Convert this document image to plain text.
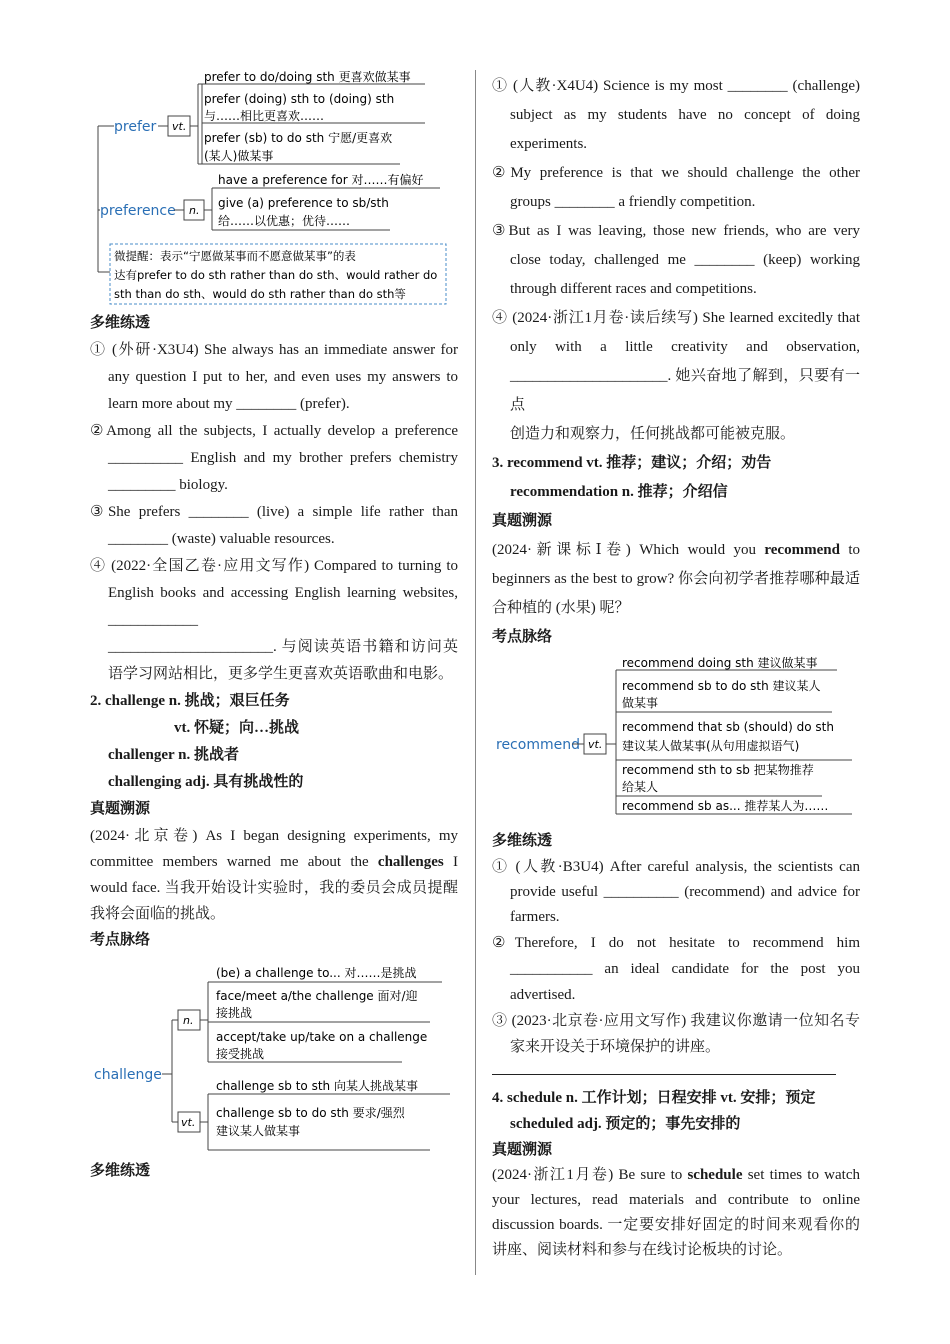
prefer vt.
prefer to do/doing sth 更喜欢做某事
prefer (doing) sth to (doing) sth
与……相比更喜欢……
prefer (sb) to do sth 宁愿/更喜欢
(某人)做某事
preference n.
have a preference for 对……有偏好
give (a) preference to sb/sth
给……以优惠；优待……
微提醒：表示“宁愿做某事而不愿意做某事”的表
达有prefer to do sth rather than do sth、would rather do
sth than do sth、would do sth rather than do sth等
多维练透
① (外研·X3U4) She always has an immediate answer for any question I put to her, and even uses my answers to learn more about my ________ (prefer).
②Among all the subjects, I actually develop a preference __________ English and my brother prefers chemistry _________ biology.
③She prefers ________ (live) a simple life rather than ________ (waste) valuable resources.
④ (2022·全国乙卷·应用文写作) Compared to turning to English books and accessing English learning websites, ____________
______________________. 与阅读英语书籍和访问英语学习网站相比，更多学生更喜欢英语歌曲和电影。
2. challenge n. 挑战；艰巨任务
vt. 怀疑；向…挑战
challenger n. 挑战者
challenging adj. 具有挑战性的
真题溯源
(2024·北京卷) As I began designing experiments, my committee members warned me about the challenges I would face. 当我开始设计实验时，我的委员会成员提醒我将会面临的挑战。
考点脉络
challenge
n.
(be) a challenge to... 对……是挑战
face/meet a/the challenge 面对/迎
接挑战
accept/take up/take on a challenge
接受挑战
vt.
challenge sb to sth 向某人挑战某事
challenge sb to do sth 要求/强烈
建议某人做某事
多维练透
① (人教·X4U4) Science is my most ________ (challenge) subject as my students have no concept of doing experiments.
②My preference is that we should challenge the other groups ________ a friendly competition.
③But as I was leaving, those new friends, who are very close today, challenged me ________ (keep) working through different races and competitions.
④ (2024·浙江1月卷·读后续写) She learned excitedly that only with a little creativity and observation, _____________________. 她兴奋地了解到，只要有一点
创造力和观察力，任何挑战都可能被克服。
3. recommend vt. 推荐；建议；介绍；劝告
recommendation n. 推荐；介绍信
真题溯源
(2024·新课标Ⅰ卷) Which would you recommend to beginners as the best to grow? 你会向初学者推荐哪种最适合种植的 (水果) 呢？
考点脉络
recommend vt.
recommend doing sth 建议做某事
recommend sb to do sth 建议某人
做某事
recommend that sb (should) do sth
建议某人做某事(从句用虚拟语气)
recommend sth to sb 把某物推荐
给某人
recommend sb as... 推荐某人为……
多维练透
① (人教·B3U4) After careful analysis, the scientists can provide useful __________ (recommend) and advice for farmers.
②Therefore, I do not hesitate to recommend him ___________ an ideal candidate for the post you advertised.
③ (2023·北京卷·应用文写作) 我建议你邀请一位知名专家来开设关于环境保护的讲座。
4. schedule n. 工作计划；日程安排 vt. 安排；预定
scheduled adj. 预定的；事先安排的
真题溯源
(2024·浙江1月卷) Be sure to schedule set times to watch your lectures, read materials and contribute to online discussion boards. 一定要安排好固定的时间来观看你的讲座、阅读材料和参与在线讨论板块的讨论。
